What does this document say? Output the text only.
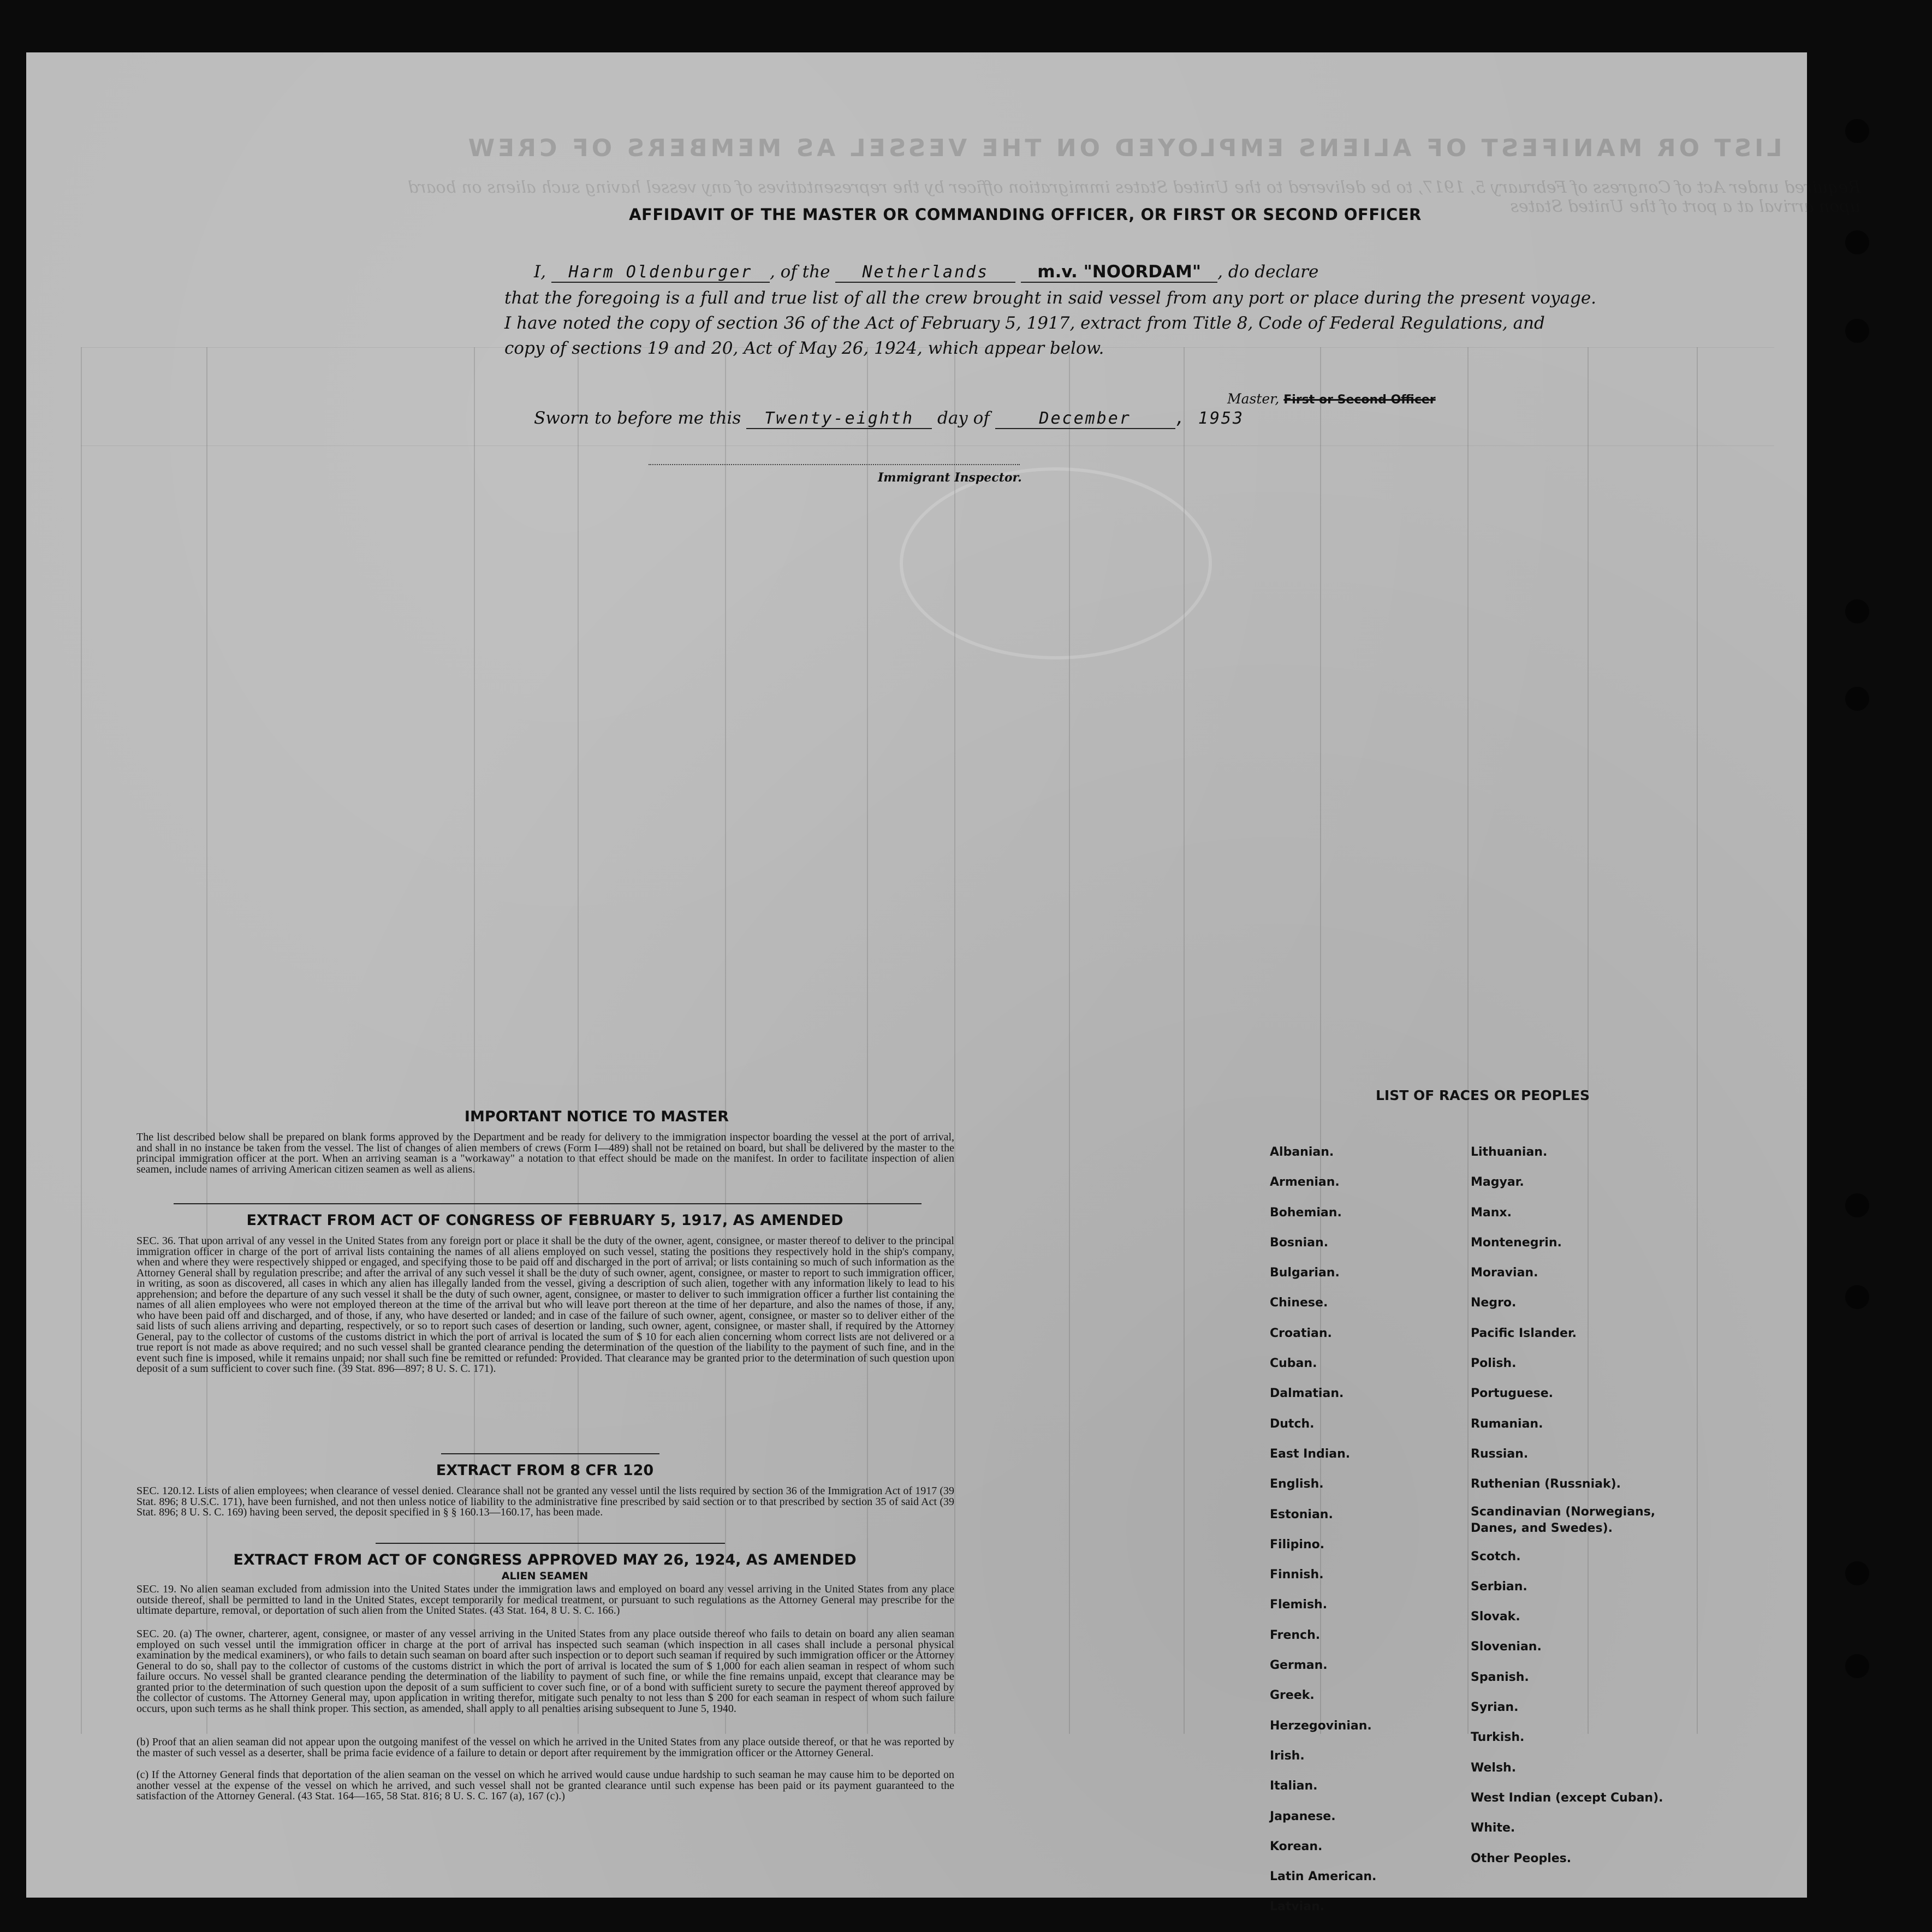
LIST OR MANIFEST OF ALIENS EMPLOYED ON THE VESSEL AS MEMBERS OF CREW
Required under Act of Congress of February 5, 1917, to be delivered to the United States immigration officer by the representatives of any vessel having such aliens on board upon arrival at a port of the United States
AFFIDAVIT OF THE MASTER OR COMMANDING OFFICER, OR FIRST OR SECOND OFFICER
I, Harm Oldenburger , of the Netherlands	m.v. "NOORDAM" , do declare
that the foregoing is a full and true list of all the crew brought in said vessel from any port or place during the present voyage.
I have noted the copy of section 36 of the Act of February 5, 1917, extract from Title 8, Code of Federal Regulations, and
copy of sections 19 and 20, Act of May 26, 1924, which appear below.
Master, First or Second Officer
Sworn to before me this Twenty-eighth day of	December	, 1953
Immigrant Inspector.
IMPORTANT NOTICE TO MASTER
The list described below shall be prepared on blank forms approved by the Department and be ready for delivery to the immigration inspector boarding the vessel at the port of arrival, and shall in no instance be taken from the vessel. The list of changes of alien members of crews (Form I—489) shall not be retained on board, but shall be delivered by the master to the principal immigration officer at the port. When an arriving seaman is a "workaway" a notation to that effect should be made on the manifest. In order to facilitate inspection of alien seamen, include names of arriving American citizen seamen as well as aliens.
EXTRACT FROM ACT OF CONGRESS OF FEBRUARY 5, 1917, AS AMENDED
SEC. 36. That upon arrival of any vessel in the United States from any foreign port or place it shall be the duty of the owner, agent, consignee, or master thereof to deliver to the principal immigration officer in charge of the port of arrival lists containing the names of all aliens employed on such vessel, stating the positions they respectively hold in the ship's company, when and where they were respectively shipped or engaged, and specifying those to be paid off and discharged in the port of arrival; or lists containing so much of such information as the Attorney General shall by regulation prescribe; and after the arrival of any such vessel it shall be the duty of such owner, agent, consignee, or master to report to such immigration officer, in writing, as soon as discovered, all cases in which any alien has illegally landed from the vessel, giving a description of such alien, together with any information likely to lead to his apprehension; and before the departure of any such vessel it shall be the duty of such owner, agent, consignee, or master to deliver to such immigration officer a further list containing the names of all alien employees who were not employed thereon at the time of the arrival but who will leave port thereon at the time of her departure, and also the names of those, if any, who have been paid off and discharged, and of those, if any, who have deserted or landed; and in case of the failure of such owner, agent, consignee, or master so to deliver either of the said lists of such aliens arriving and departing, respectively, or so to report such cases of desertion or landing, such owner, agent, consignee, or master shall, if required by the Attorney General, pay to the collector of customs of the customs district in which the port of arrival is located the sum of $ 10 for each alien concerning whom correct lists are not delivered or a true report is not made as above required; and no such vessel shall be granted clearance pending the determination of the question of the liability to the payment of such fine, and in the event such fine is imposed, while it remains unpaid; nor shall such fine be remitted or refunded: Provided. That clearance may be granted prior to the determination of such question upon deposit of a sum sufficient to cover such fine. (39 Stat. 896—897; 8 U. S. C. 171).
EXTRACT FROM 8 CFR 120
SEC. 120.12. Lists of alien employees; when clearance of vessel denied. Clearance shall not be granted any vessel until the lists required by section 36 of the Immigration Act of 1917 (39 Stat. 896; 8 U.S.C. 171), have been furnished, and not then unless notice of liability to the administrative fine prescribed by said section or to that prescribed by section 35 of said Act (39 Stat. 896; 8 U. S. C. 169) having been served, the deposit specified in § § 160.13—160.17, has been made.
EXTRACT FROM ACT OF CONGRESS APPROVED MAY 26, 1924, AS AMENDED
ALIEN SEAMEN
SEC. 19. No alien seaman excluded from admission into the United States under the immigration laws and employed on board any vessel arriving in the United States from any place outside thereof, shall be permitted to land in the United States, except temporarily for medical treatment, or pursuant to such regulations as the Attorney General may prescribe for the ultimate departure, removal, or deportation of such alien from the United States. (43 Stat. 164, 8 U. S. C. 166.)
SEC. 20. (a) The owner, charterer, agent, consignee, or master of any vessel arriving in the United States from any place outside thereof who fails to detain on board any alien seaman employed on such vessel until the immigration officer in charge at the port of arrival has inspected such seaman (which inspection in all cases shall include a personal physical examination by the medical examiners), or who fails to detain such seaman on board after such inspection or to deport such seaman if required by such immigration officer or the Attorney General to do so, shall pay to the collector of customs of the customs district in which the port of arrival is located the sum of $ 1,000 for each alien seaman in respect of whom such failure occurs. No vessel shall be granted clearance pending the determination of the liability to payment of such fine, or while the fine remains unpaid, except that clearance may be granted prior to the determination of such question upon the deposit of a sum sufficient to cover such fine, or of a bond with sufficient surety to secure the payment thereof approved by the collector of customs. The Attorney General may, upon application in writing therefor, mitigate such penalty to not less than $ 200 for each seaman in respect of whom such failure occurs, upon such terms as he shall think proper. This section, as amended, shall apply to all penalties arising subsequent to June 5, 1940.
(b) Proof that an alien seaman did not appear upon the outgoing manifest of the vessel on which he arrived in the United States from any place outside thereof, or that he was reported by the master of such vessel as a deserter, shall be prima facie evidence of a failure to detain or deport after requirement by the immigration officer or the Attorney General.
(c) If the Attorney General finds that deportation of the alien seaman on the vessel on which he arrived would cause undue hardship to such seaman he may cause him to be deported on another vessel at the expense of the vessel on which he arrived, and such vessel shall not be granted clearance until such expense has been paid or its payment guaranteed to the satisfaction of the Attorney General. (43 Stat. 164—165, 58 Stat. 816; 8 U. S. C. 167 (a), 167 (c).)
LIST OF RACES OR PEOPLES
Albanian.
Armenian.
Bohemian.
Bosnian.
Bulgarian.
Chinese.
Croatian.
Cuban.
Dalmatian.
Dutch.
East Indian.
English.
Estonian.
Filipino.
Finnish.
Flemish.
French.
German.
Greek.
Herzegovinian.
Irish.
Italian.
Japanese.
Korean.
Latin American.
Latvian.
Lithuanian.
Magyar.
Manx.
Montenegrin.
Moravian.
Negro.
Pacific Islander.
Polish.
Portuguese.
Rumanian.
Russian.
Ruthenian (Russniak).
Scandinavian (Norwegians, Danes, and Swedes).
Scotch.
Serbian.
Slovak.
Slovenian.
Spanish.
Syrian.
Turkish.
Welsh.
West Indian (except Cuban).
White.
Other Peoples.
